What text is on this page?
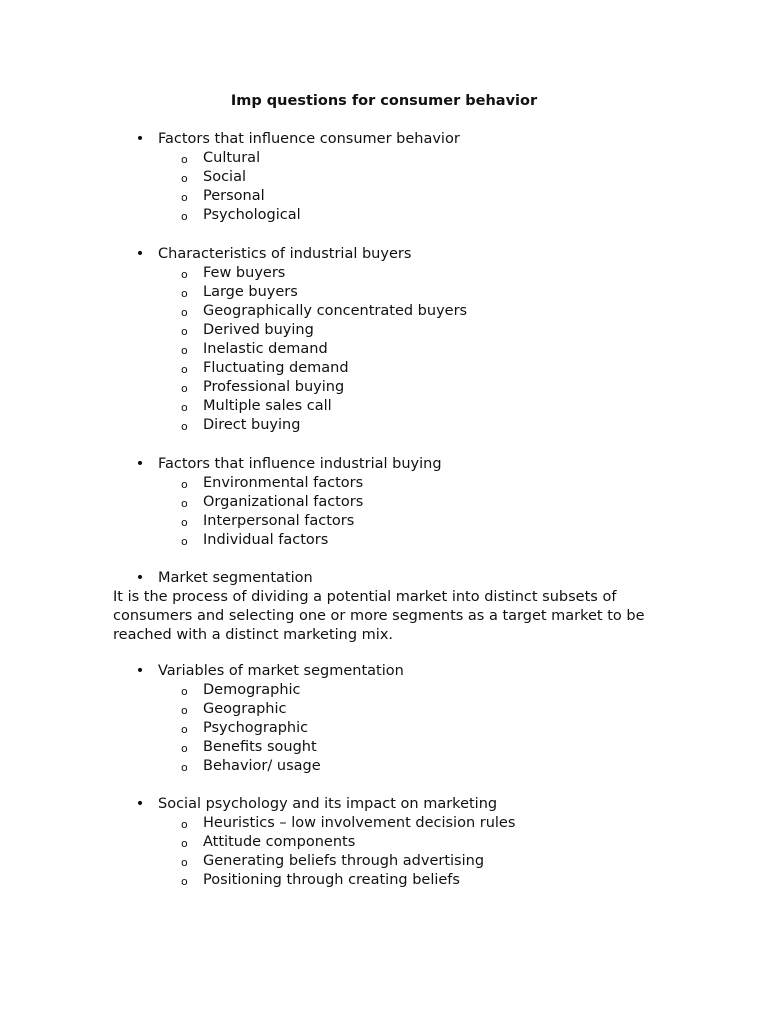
Imp questions for consumer behavior
• Factors that influence consumer behavior
o Cultural
o Social
o Personal
o Psychological
• Characteristics of industrial buyers
o Few buyers
o Large buyers
o Geographically concentrated buyers
o Derived buying
o Inelastic demand
o Fluctuating demand
o Professional buying
o Multiple sales call
o Direct buying
• Factors that influence industrial buying
o Environmental factors
o Organizational factors
o Interpersonal factors
o Individual factors
• Market segmentation
It is the process of dividing a potential market into distinct subsets of consumers and selecting one or more segments as a target market to be reached with a distinct marketing mix.
• Variables of market segmentation
o Demographic
o Geographic
o Psychographic
o Benefits sought
o Behavior/ usage
• Social psychology and its impact on marketing
o Heuristics – low involvement decision rules
o Attitude components
o Generating beliefs through advertising
o Positioning through creating beliefs
